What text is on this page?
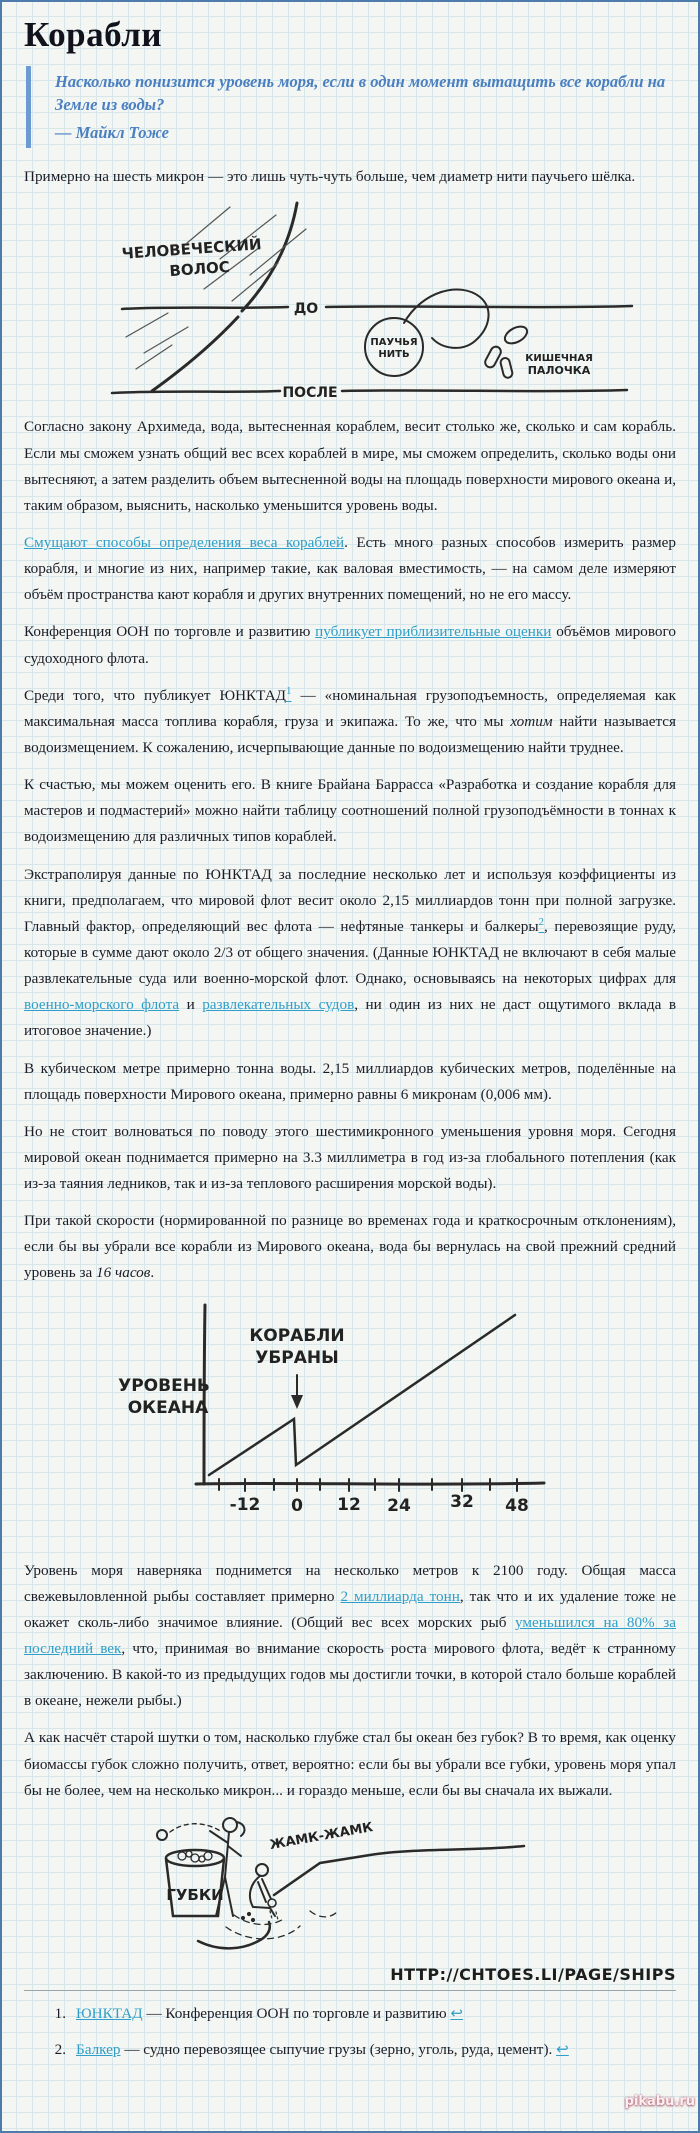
Корабли
Насколько понизится уровень моря, если в один момент вытащить все корабли на Земле из воды?
— Майкл Тоже

Примерно на шесть микрон — это лишь чуть-чуть больше, чем диаметр нити паучьего шёлка.

ЧЕЛОВЕЧЕСКИЙ
ВОЛОС
ДО
ПОСЛЕ
ПАУЧЬЯ
НИТЬ	КИШЕЧНАЯ
ПАЛОЧКА

Согласно закону Архимеда, вода, вытесненная кораблем, весит столько же, сколько и сам корабль. Если мы сможем узнать общий вес всех кораблей в мире, мы сможем определить, сколько воды они вытесняют, а затем разделить объем вытесненной воды на площадь поверхности мирового океана и, таким образом, выяснить, насколько уменьшится уровень воды.

Смущают способы определения веса кораблей. Есть много разных способов измерить размер корабля, и многие из них, например такие, как валовая вместимость, — на самом деле измеряют объём пространства кают корабля и других внутренних помещений, но не его массу.

Конференция ООН по торговле и развитию публикует приблизительные оценки объёмов мирового судоходного флота.

Среди того, что публикует ЮНКТАД$^1$ — «номинальная грузоподъемность, определяемая как максимальная масса топлива корабля, груза и экипажа. То же, что мы хотим найти называется водоизмещением. К сожалению, исчерпывающие данные по водоизмещению найти труднее.

К счастью, мы можем оценить его. В книге Брайана Баррасса «Разработка и создание корабля для мастеров и подмастерий» можно найти таблицу соотношений полной грузоподъёмности в тоннах к водоизмещению для различных типов кораблей.

Экстраполируя данные по ЮНКТАД за последние несколько лет и используя коэффициенты из книги, предполагаем, что мировой флот весит около 2,15 миллиардов тонн при полной загрузке. Главный фактор, определяющий вес флота — нефтяные танкеры и балкеры$^2$, перевозящие руду, которые в сумме дают около 2/3 от общего значения. (Данные ЮНКТАД не включают в себя малые развлекательные суда или военно-морской флот. Однако, основываясь на некоторых цифрах для военно-морского флота и развлекательных судов, ни один из них не даст ощутимого вклада в итоговое значение.)

В кубическом метре примерно тонна воды. 2,15 миллиардов кубических метров, поделённые на площадь поверхности Мирового океана, примерно равны 6 микронам (0,006 мм).

Но не стоит волноваться по поводу этого шестимикронного уменьшения уровня моря. Сегодня мировой океан поднимается примерно на 3.3 миллиметра в год из-за глобального потепления (как из-за таяния ледников, так и из-за теплового расширения морской воды).

При такой скорости (нормированной по разнице во временах года и краткосрочным отклонениям), если бы вы убрали все корабли из Мирового океана, вода бы вернулась на свой прежний средний уровень за 16 часов.

КОРАБЛИ
УБРАНЫ
УРОВЕНЬ
ОКЕАНА
-12 0 12 24 32 48

Уровень моря наверняка поднимется на несколько метров к 2100 году. Общая масса свежевыловленной рыбы составляет примерно 2 миллиарда тонн, так что и их удаление тоже не окажет сколь-либо значимое влияние. (Общий вес всех морских рыб уменьшился на 80% за последний век, что, принимая во внимание скорость роста мирового флота, ведёт к странному заключению. В какой-то из предыдущих годов мы достигли точки, в которой стало больше кораблей в океане, нежели рыбы.)

А как насчёт старой шутки о том, насколько глубже стал бы океан без губок? В то время, как оценку биомассы губок сложно получить, ответ, вероятно: если бы вы убрали все губки, уровень моря упал бы не более, чем на несколько микрон... и гораздо меньше, если бы вы сначала их выжали.

ГУБКИ
ЖАМК-ЖАМК
HTTP://CHTOES.LI/PAGE/SHIPS
1. ЮНКТАД — Конференция ООН по торговле и развитию ↩
2. Балкер — судно перевозящее сыпучие грузы (зерно, уголь, руда, цемент). ↩
pikabu.ru
